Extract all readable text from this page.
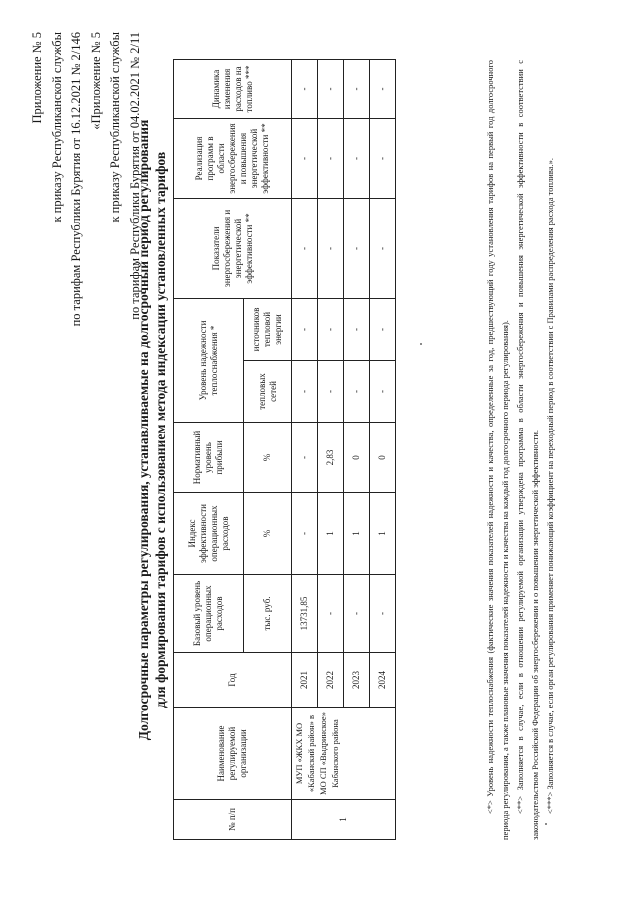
Приложение № 5 к приказу Республиканской службы по тарифам Республики Бурятия от 16.12.2021 № 2/146 «Приложение № 5 к приказу Республиканской службы по тарифам Республики Бурятия от 04.02.2021 № 2/11
Долгосрочные параметры регулирования, устанавливаемые на долгосрочный период регулирования для формирования тарифов с использованием метода индексации установленных тарифов
№ п/п	Наименование регулируемой организации	Год	Базовый уровень операционных расходов	Индекс эффективности операционных расходов	Нормативный уровень прибыли	Уровень надежности теплоснабжения *		Показатели энергосбережения и энергетической эффективности **	Реализация программ в области энергосбережения и повышения энергетической эффективности **	Динамика изменения расходов на топливо ***

			тыс. руб.	%	%	тепловых сетей	источников тепловой энергии			
1	МУП «ЖКХ МО «Кабанский район» в МО СП «Выдринское» Кабанского района	2021	13731,85	-	-	-	-	-	-	-
		2022	-	1	2,83	-	-	-	-	-
		2023	-	1	0	-	-	-	-	-
		2024	-	1	0	-	-	-	-	-	<*> Уровень надежности теплоснабжения (фактические значения показателей надежности и качества, определенные за год, предшествующий году установления тарифов на первый год долгосрочного периода регулирования, а также плановые значения показателей надежности и качества на каждый год долгосрочного периода регулирования). <**> Заполняется в случае, если в отношении регулируемой организации утверждена программа в области энергосбережения и повышения энергетической эффективности в соответствии с законодательством Российской Федерации об энергосбережении и о повышении энергетической эффективности. <***> Заполняется в случае, если орган регулирования применяет понижающий коэффициент на переходный период в соответствии с Правилами распределения расхода топлива.».
